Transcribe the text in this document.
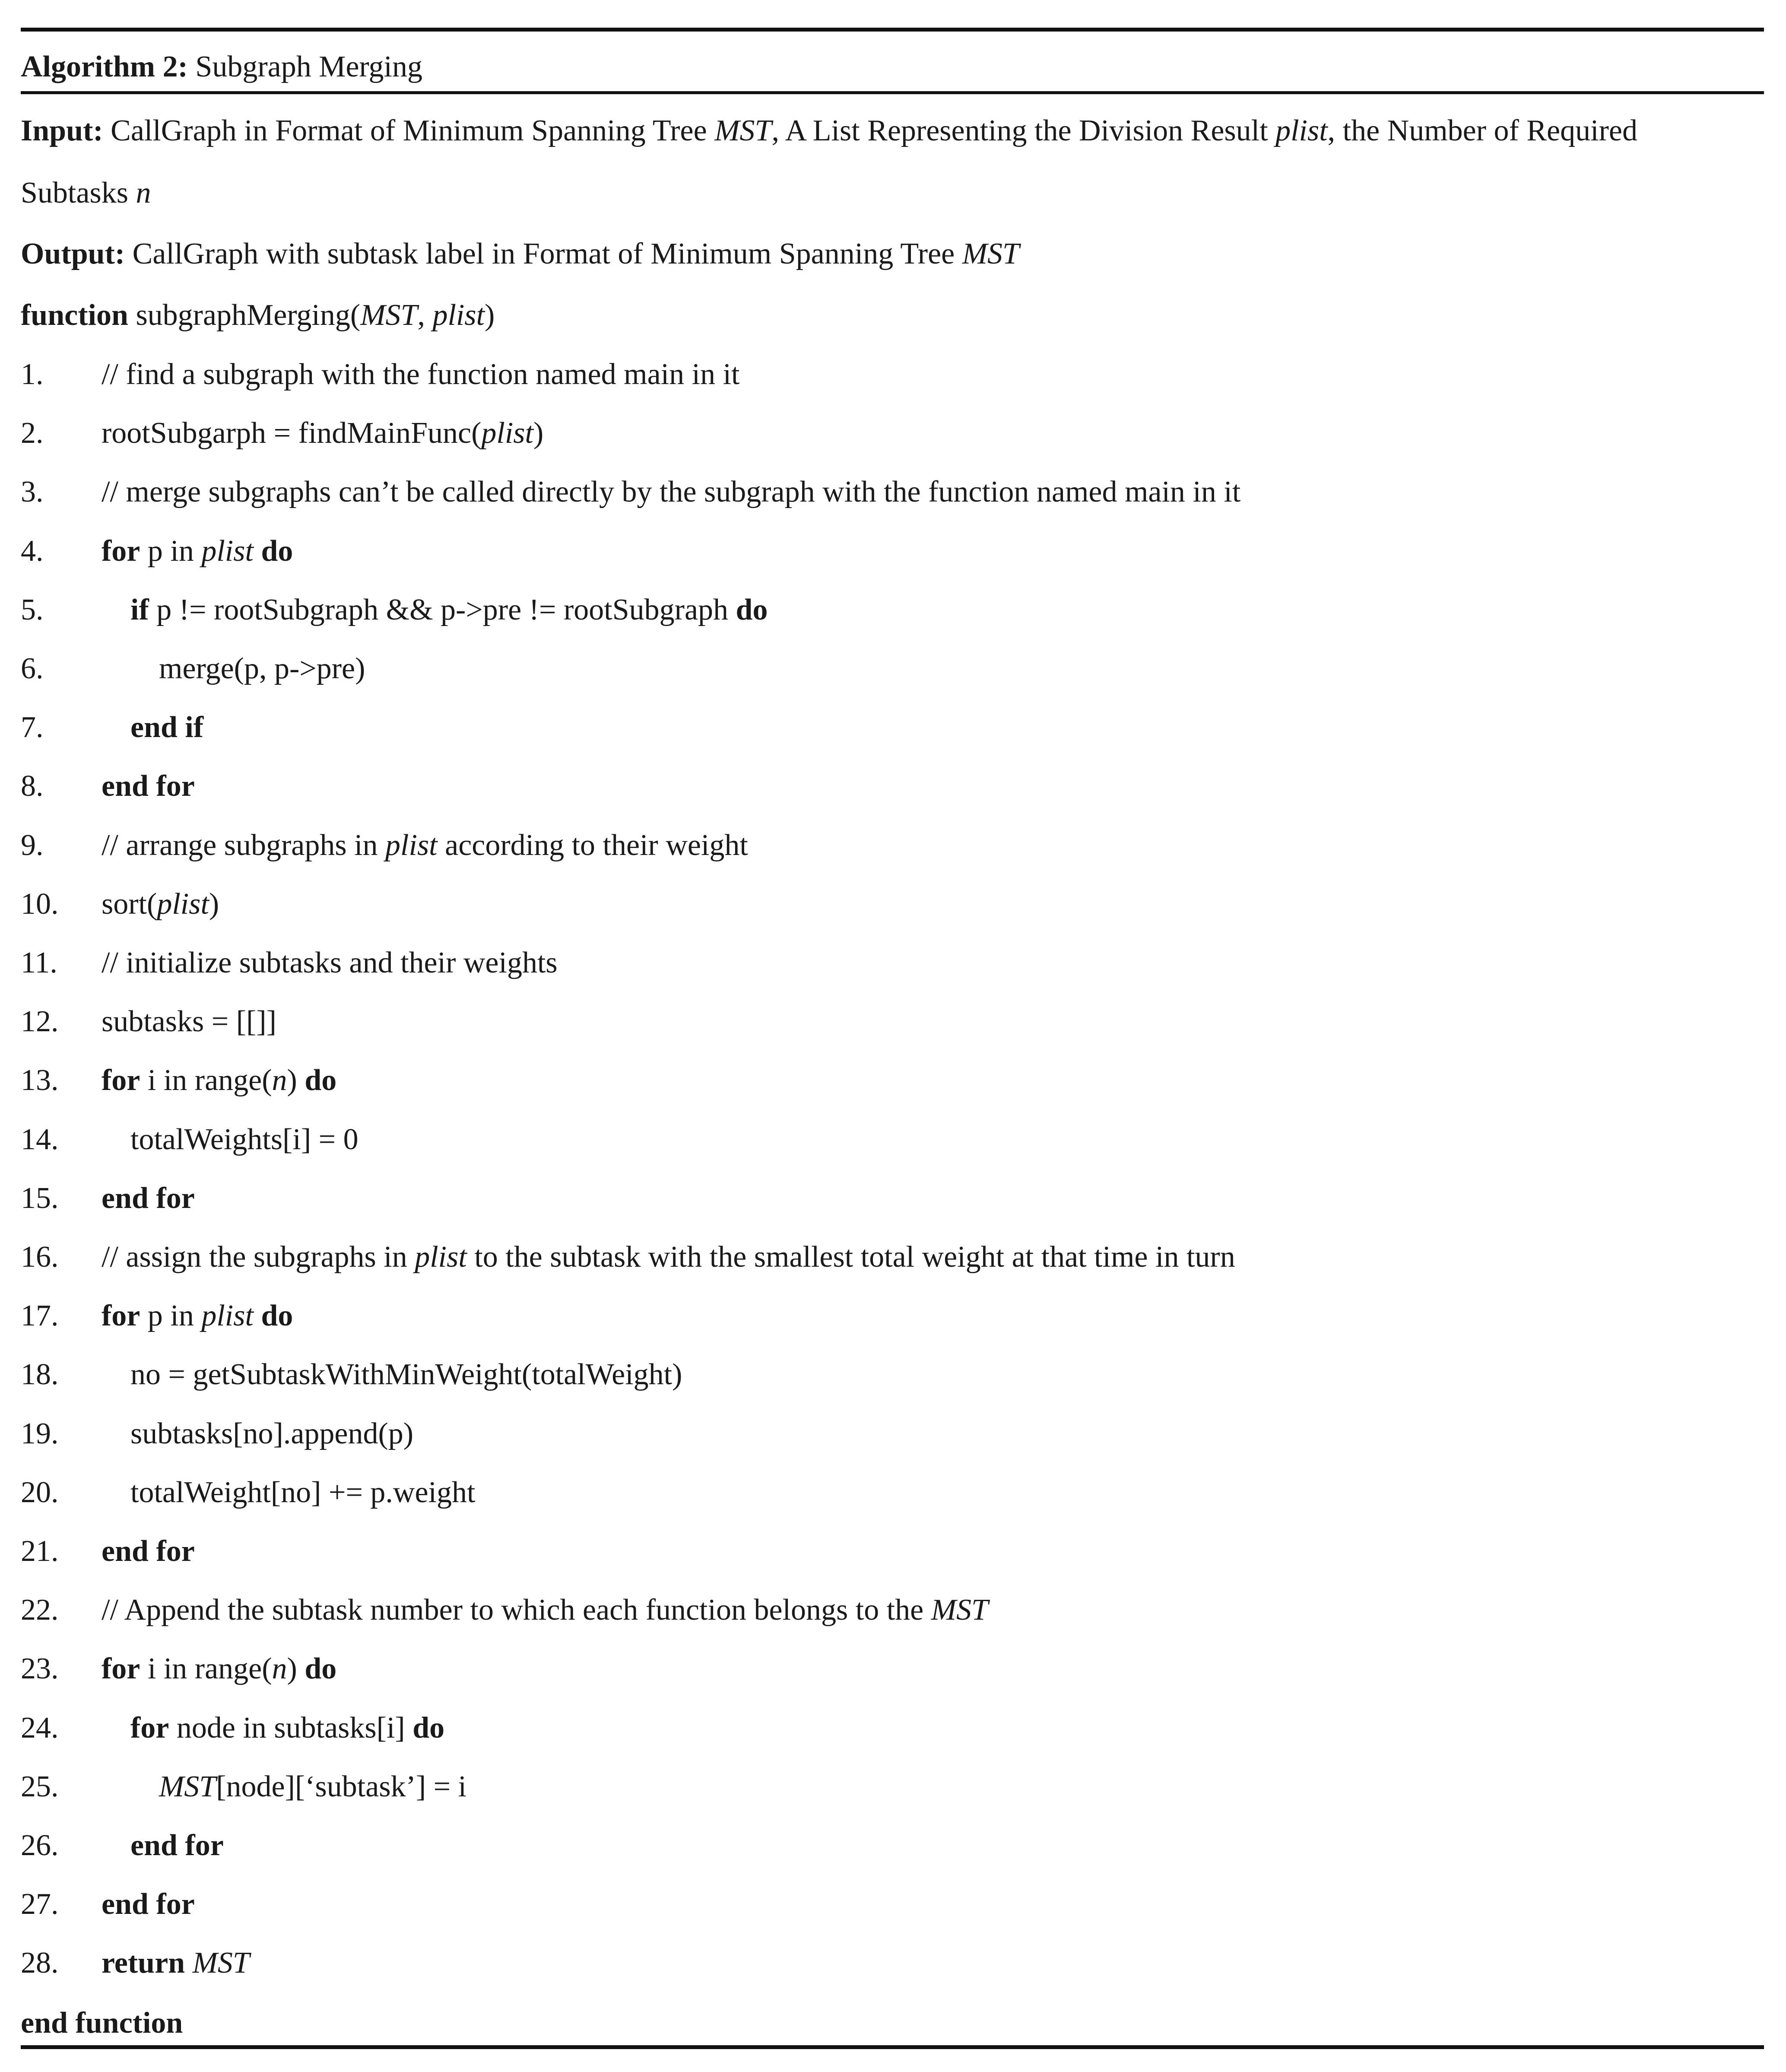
Algorithm 2: Subgraph Merging
Input: CallGraph in Format of Minimum Spanning Tree MST, A List Representing the Division Result plist, the Number of Required
Subtasks n
Output: CallGraph with subtask label in Format of Minimum Spanning Tree MST
function subgraphMerging(MST, plist)
1. // find a subgraph with the function named main in it
2. rootSubgarph = findMainFunc(plist)
3. // merge subgraphs can’t be called directly by the subgraph with the function named main in it
4. for p in plist do
5.	if p != rootSubgraph && p->pre != rootSubgraph do
6.	merge(p, p->pre)
7.	end if
8. end for
9. // arrange subgraphs in plist according to their weight
10. sort(plist)
11. // initialize subtasks and their weights
12. subtasks = [[]]
13. for i in range(n) do
14. totalWeights[i] = 0
15. end for
16. // assign the subgraphs in plist to the subtask with the smallest total weight at that time in turn
17. for p in plist do
18. no = getSubtaskWithMinWeight(totalWeight)
19. subtasks[no].append(p)
20. totalWeight[no] += p.weight
21. end for
22. // Append the subtask number to which each function belongs to the MST
23. for i in range(n) do
24. for node in subtasks[i] do
25.	MST[node][‘subtask’] = i
26. end for
27. end for
28. return MST
end function
